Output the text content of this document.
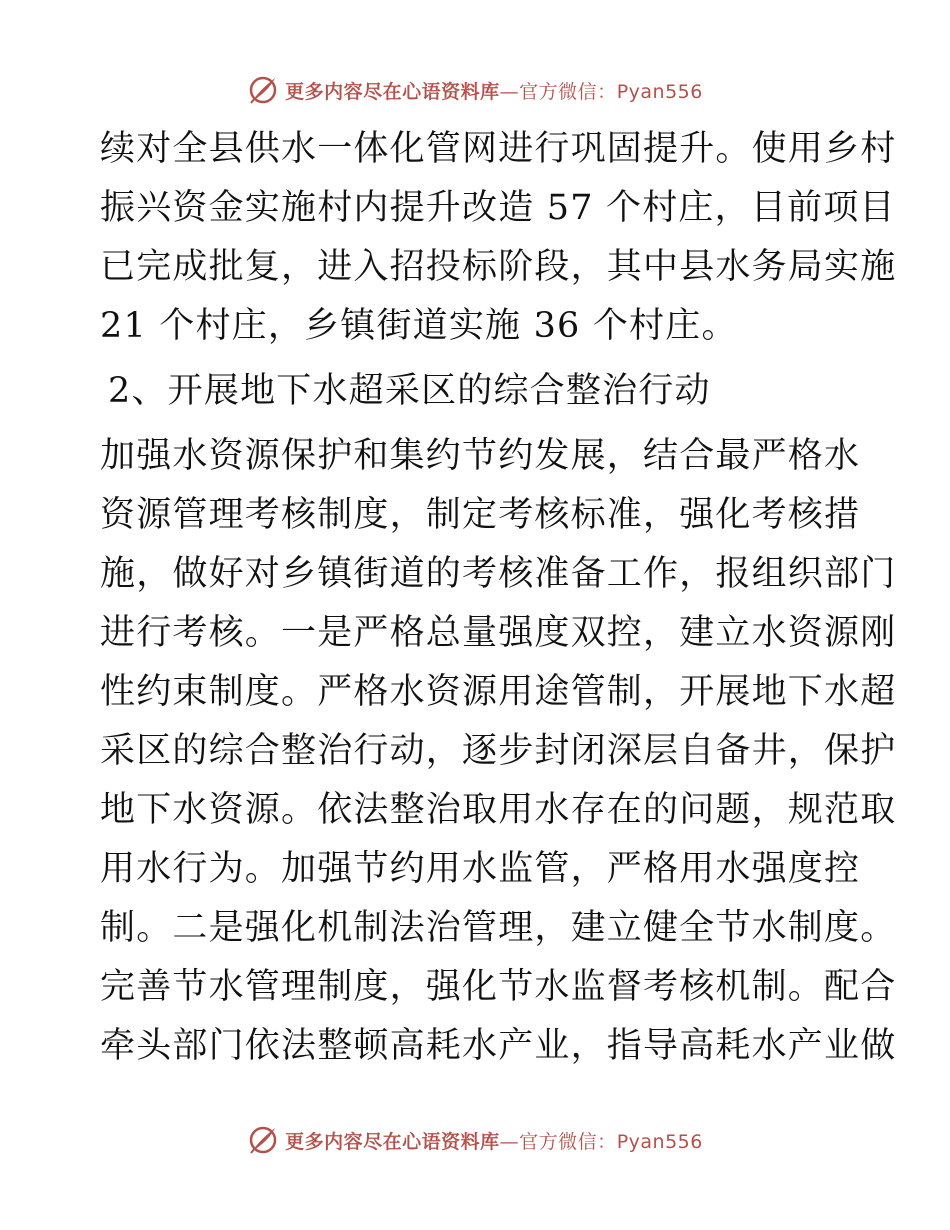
更多内容尽在心语资料库—官方微信：Pyan556
续对全县供水一体化管网进行巩固提升。使用乡村
振兴资金实施村内提升改造 57 个村庄，目前项目
已完成批复，进入招投标阶段，其中县水务局实施
21 个村庄，乡镇街道实施 36 个村庄。
2、开展地下水超采区的综合整治行动
加强水资源保护和集约节约发展，结合最严格水
资源管理考核制度，制定考核标准，强化考核措
施，做好对乡镇街道的考核准备工作，报组织部门
进行考核。一是严格总量强度双控，建立水资源刚
性约束制度。严格水资源用途管制，开展地下水超
采区的综合整治行动，逐步封闭深层自备井，保护
地下水资源。依法整治取用水存在的问题，规范取
用水行为。加强节约用水监管，严格用水强度控
制。二是强化机制法治管理，建立健全节水制度。
完善节水管理制度，强化节水监督考核机制。配合
牵头部门依法整顿高耗水产业，指导高耗水产业做
更多内容尽在心语资料库—官方微信：Pyan556
